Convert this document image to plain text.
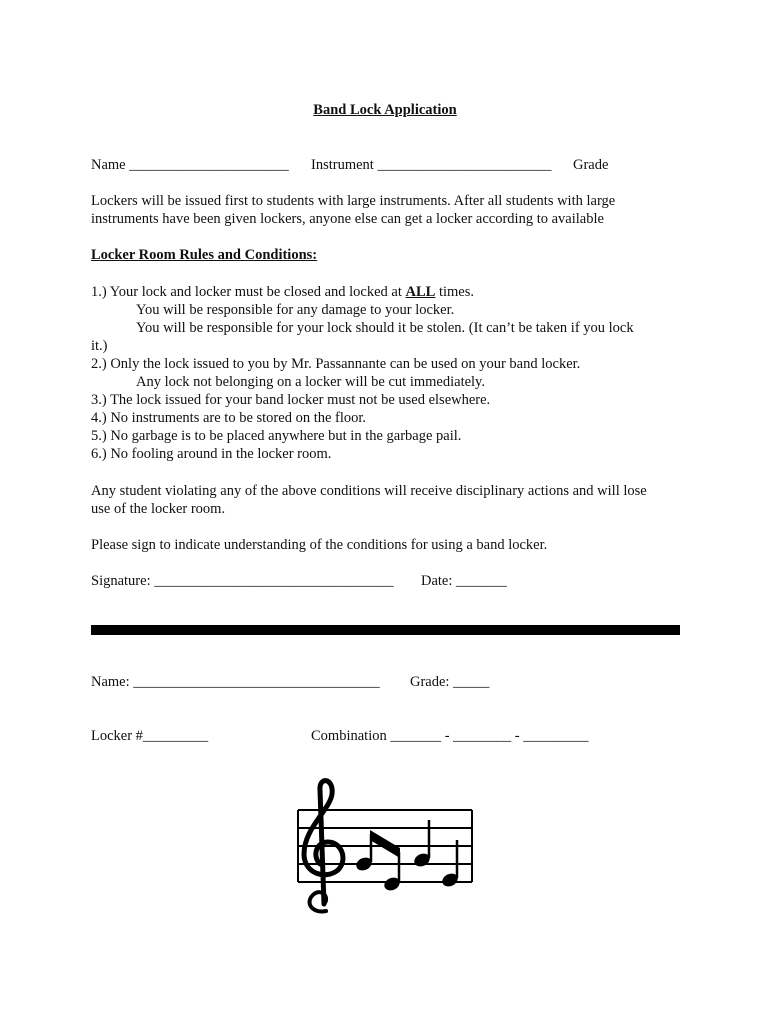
Band Lock Application
Name ______________________ Instrument ________________________ Grade
Lockers will be issued first to students with large instruments. After all students with large
instruments have been given lockers, anyone else can get a locker according to available
Locker Room Rules and Conditions:
1.) Your lock and locker must be closed and locked at ALL times.
You will be responsible for any damage to your locker.
You will be responsible for your lock should it be stolen. (It can’t be taken if you lock
it.)
2.) Only the lock issued to you by Mr. Passannante can be used on your band locker.
Any lock not belonging on a locker will be cut immediately.
3.) The lock issued for your band locker must not be used elsewhere.
4.) No instruments are to be stored on the floor.
5.) No garbage is to be placed anywhere but in the garbage pail.
6.) No fooling around in the locker room.
Any student violating any of the above conditions will receive disciplinary actions and will lose
use of the locker room.
Please sign to indicate understanding of the conditions for using a band locker.
Signature: _________________________________ Date: _______
Name: __________________________________ Grade: _____
Locker #_________	Combination _______ - ________ - _________
